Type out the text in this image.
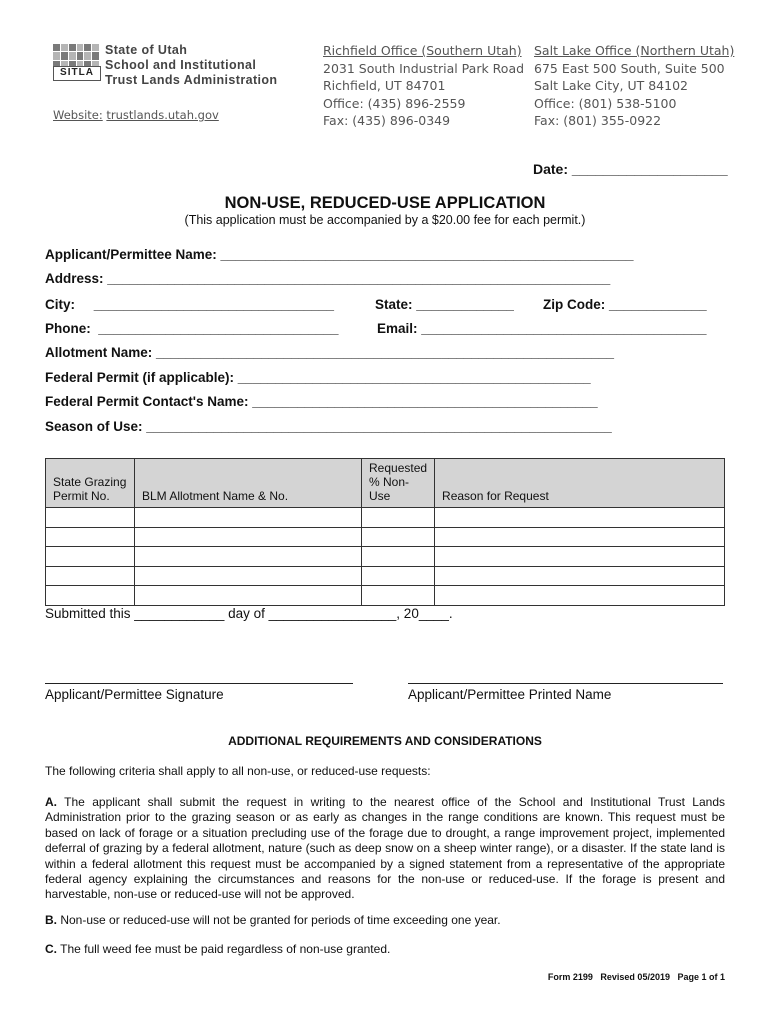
SITLA
State of Utah
School and Institutional
Trust Lands Administration
Website: trustlands.utah.gov
Richfield Office (Southern Utah)
2031 South Industrial Park Road
Richfield, UT 84701
Office: (435) 896-2559
Fax: (435) 896-0349
Salt Lake Office (Northern Utah)
675 East 500 South, Suite 500
Salt Lake City, UT 84102
Office: (801) 538-5100
Fax: (801) 355-0922
Date: ____________________
NON-USE, REDUCED-USE APPLICATION
(This application must be accompanied by a $20.00 fee for each permit.)
Applicant/Permittee Name: _______________________________________________________
Address: ___________________________________________________________________
City:     ________________________________	State: _____________ Zip Code: _____________
Phone:  ________________________________	Email: ______________________________________
Allotment Name: _____________________________________________________________
Federal Permit (if applicable): _______________________________________________
Federal Permit Contact's Name: ______________________________________________
Season of Use: ______________________________________________________________
State Grazing Permit No.	BLM Allotment Name & No.	Requested % Non-Use	Reason for Request

Submitted this ____________ day of _________________, 20____.
Applicant/Permittee Signature	Applicant/Permittee Printed Name
ADDITIONAL REQUIREMENTS AND CONSIDERATIONS
The following criteria shall apply to all non-use, or reduced-use requests:
A. The applicant shall submit the request in writing to the nearest office of the School and Institutional Trust Lands Administration prior to the grazing season or as early as changes in the range conditions are known. This request must be based on lack of forage or a situation precluding use of the forage due to drought, a range improvement project, implemented deferral of grazing by a federal allotment, nature (such as deep snow on a sheep winter range), or a disaster. If the state land is within a federal allotment this request must be accompanied by a signed statement from a representative of the appropriate federal agency explaining the circumstances and reasons for the non-use or reduced-use. If the forage is present and harvestable, non-use or reduced-use will not be approved.
B. Non-use or reduced-use will not be granted for periods of time exceeding one year.
C. The full weed fee must be paid regardless of non-use granted.
Form 2199   Revised 05/2019   Page 1 of 1
